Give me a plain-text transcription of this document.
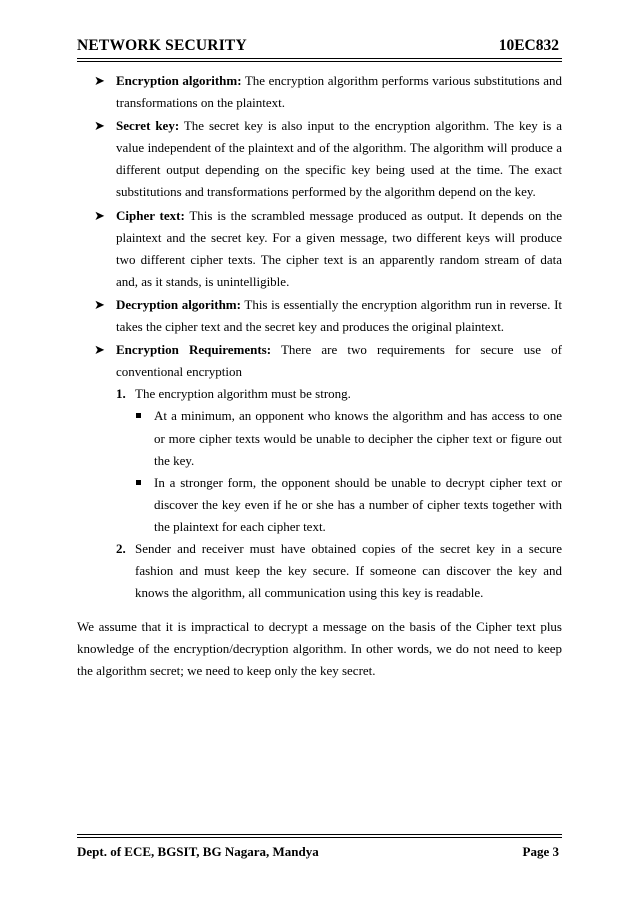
NETWORK SECURITY	10EC832
➤ Encryption algorithm: The encryption algorithm performs various substitutions and transformations on the plaintext.
➤ Secret key: The secret key is also input to the encryption algorithm. The key is a value independent of the plaintext and of the algorithm. The algorithm will produce a different output depending on the specific key being used at the time. The exact substitutions and transformations performed by the algorithm depend on the key.
➤ Cipher text: This is the scrambled message produced as output. It depends on the plaintext and the secret key. For a given message, two different keys will produce two different cipher texts. The cipher text is an apparently random stream of data and, as it stands, is unintelligible.
➤ Decryption algorithm: This is essentially the encryption algorithm run in reverse. It takes the cipher text and the secret key and produces the original plaintext.
➤ Encryption Requirements: There are two requirements for secure use of conventional encryption
1. The encryption algorithm must be strong.
At a minimum, an opponent who knows the algorithm and has access to one or more cipher texts would be unable to decipher the cipher text or figure out the key.
In a stronger form, the opponent should be unable to decrypt cipher text or discover the key even if he or she has a number of cipher texts together with the plaintext for each cipher text.
2. Sender and receiver must have obtained copies of the secret key in a secure fashion and must keep the key secure. If someone can discover the key and knows the algorithm, all communication using this key is readable.

We assume that it is impractical to decrypt a message on the basis of the Cipher text plus knowledge of the encryption/decryption algorithm. In other words, we do not need to keep the algorithm secret; we need to keep only the key secret.

Dept. of ECE, BGSIT, BG Nagara, Mandya	Page 3
